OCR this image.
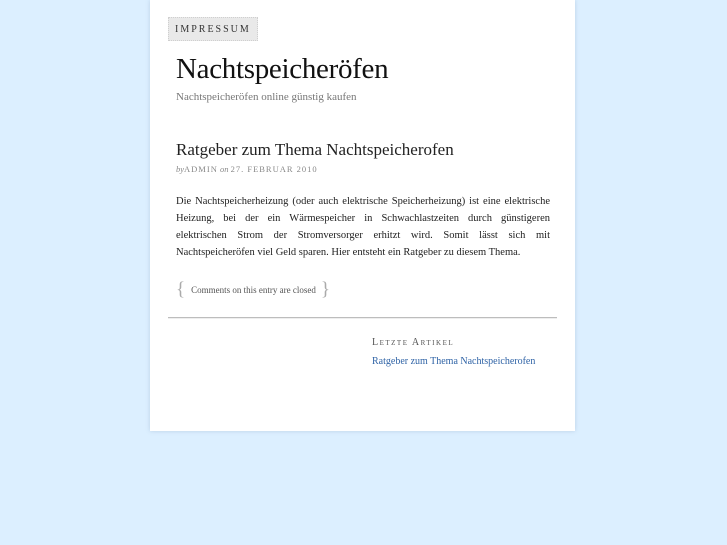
IMPRESSUM
Nachtspeicheröfen
Nachtspeicheröfen online günstig kaufen
Ratgeber zum Thema Nachtspeicherofen
byADMIN on 27. FEBRUAR 2010

Die Nachtspeicherheizung (oder auch elektrische Speicherheizung) ist eine elektrische Heizung, bei der ein Wärmespeicher in Schwachlastzeiten durch günstigeren elektrischen Strom der Stromversorger erhitzt wird. Somit lässt sich mit Nachtspeicheröfen viel Geld sparen. Hier entsteht ein Ratgeber zu diesem Thema.

{ Comments on this entry are closed }
Letzte Artikel
Ratgeber zum Thema Nachtspeicherofen
